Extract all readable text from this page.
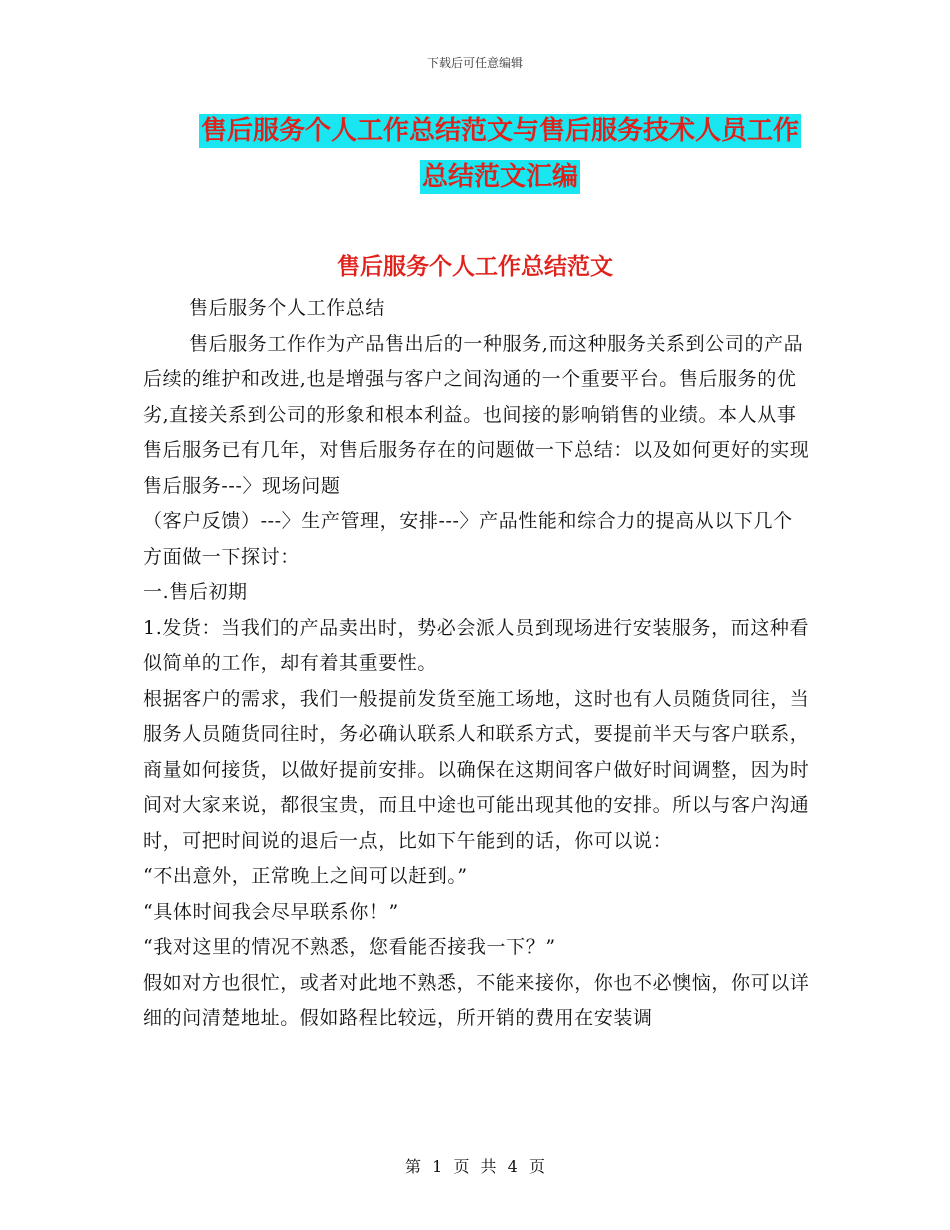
下载后可任意编辑
售后服务个人工作总结范文与售后服务技术人员工作
总结范文汇编
售后服务个人工作总结范文

售后服务个人工作总结

售后服务工作作为产品售出后的一种服务,而这种服务关系到公司的产品后续的维护和改进,也是增强与客户之间沟通的一个重要平台。售后服务的优劣,直接关系到公司的形象和根本利益。也间接的影响销售的业绩。本人从事售后服务已有几年，对售后服务存在的问题做一下总结：以及如何更好的实现售后服务---〉现场问题

（客户反馈）---〉生产管理，安排---〉产品性能和综合力的提高从以下几个方面做一下探讨：

一.售后初期

1.发货：当我们的产品卖出时，势必会派人员到现场进行安装服务，而这种看似简单的工作，却有着其重要性。

根据客户的需求，我们一般提前发货至施工场地，这时也有人员随货同往，当服务人员随货同往时，务必确认联系人和联系方式，要提前半天与客户联系，商量如何接货，以做好提前安排。以确保在这期间客户做好时间调整，因为时间对大家来说，都很宝贵，而且中途也可能出现其他的安排。所以与客户沟通时，可把时间说的退后一点，比如下午能到的话，你可以说：

“不出意外，正常晚上之间可以赶到。”

“具体时间我会尽早联系你！”

“我对这里的情况不熟悉，您看能否接我一下？”

假如对方也很忙，或者对此地不熟悉，不能来接你，你也不必懊恼，你可以详细的问清楚地址。假如路程比较远，所开销的费用在安装调

第 1 页 共 4 页
